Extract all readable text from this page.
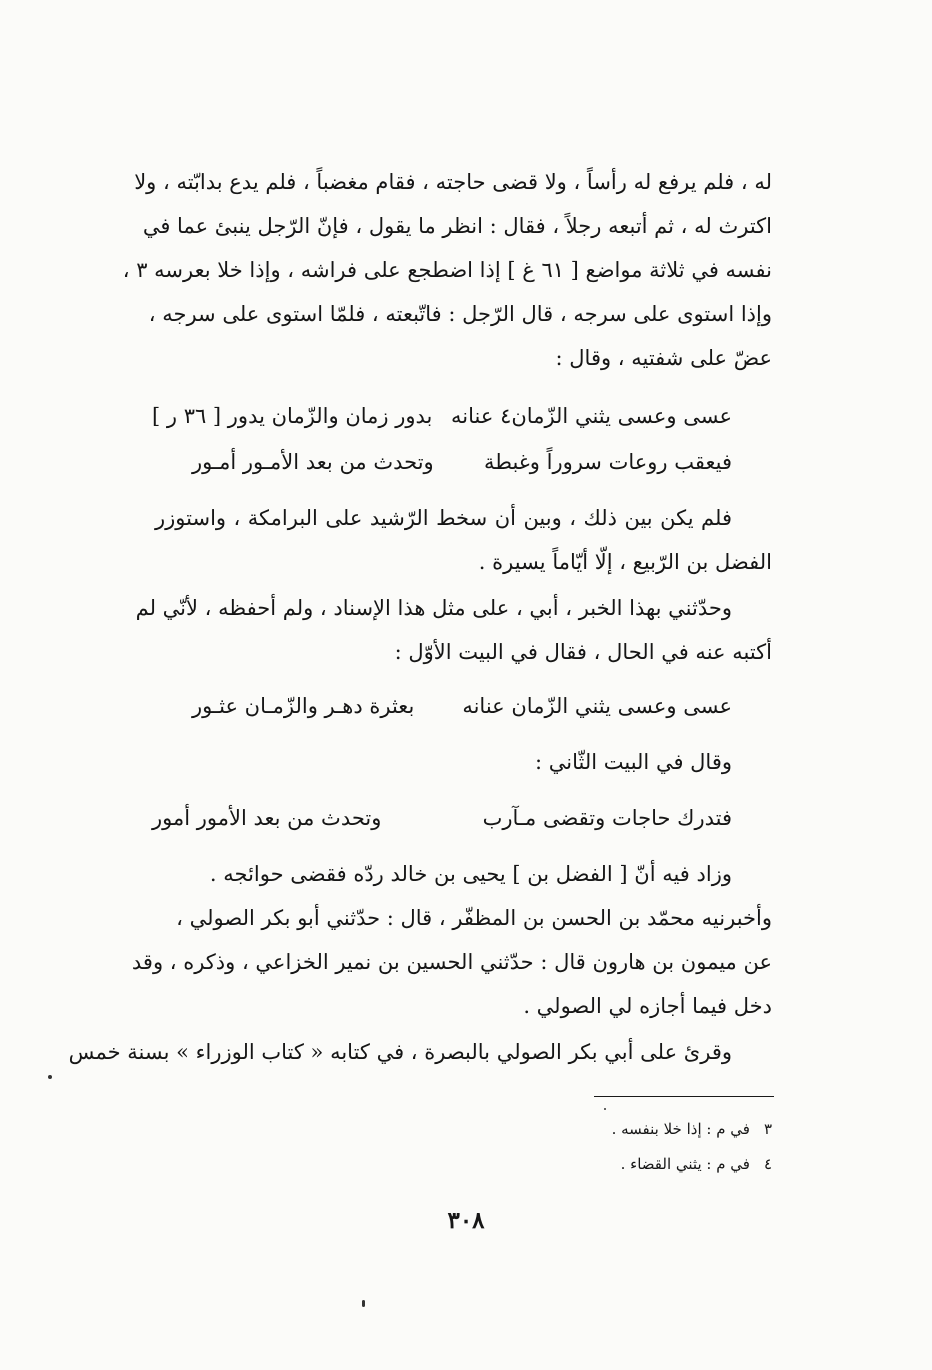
له ، فلم يرفع له رأساً ، ولا قضى حاجته ، فقام مغضباً ، فلم يدع بدابّته ، ولا
اكترث له ، ثم أتبعه رجلاً ، فقال : انظر ما يقول ، فإنّ الرّجل ينبئ عما في
نفسه في ثلاثة مواضع [ ٦١ غ ] إذا اضطجع على فراشه ، وإذا خلا بعرسه ٣ ،
وإذا استوى على سرجه ، قال الرّجل : فاتّبعته ، فلمّا استوى على سرجه ،
عضّ على شفتيه ، وقال :
عسى وعسى يثني الزّمان٤ عنانه
بدور زمان والزّمان يدور [ ٣٦ ر ]
فيعقب روعات سروراً وغبطة
وتحدث من بعد الأمـور أمـور
فلم يكن بين ذلك ، وبين أن سخط الرّشيد على البرامكة ، واستوزر
الفضل بن الرّبيع ، إلّا أيّاماً يسيرة .
وحدّثني بهذا الخبر ، أبي ، على مثل هذا الإسناد ، ولم أحفظه ، لأنّي لم
أكتبه عنه في الحال ، فقال في البيت الأوّل :
عسى وعسى يثني الزّمان عنانه
بعثرة دهـر والزّمـان عثـور
وقال في البيت الثّاني :
فتدرك حاجات وتقضى مـآرب
وتحدث من بعد الأمور أمور
وزاد فيه أنّ [ الفضل بن ] يحيى بن خالد ردّه فقضى حوائجه .
وأخبرنيه محمّد بن الحسن بن المظفّر ، قال : حدّثني أبو بكر الصولي ،
عن ميمون بن هارون قال : حدّثني الحسين بن نمير الخزاعي ، وذكره ، وقد
دخل فيما أجازه لي الصولي .
وقرئ على أبي بكر الصولي بالبصرة ، في كتابه « كتاب الوزراء » بسنة خمس
٣في م : إذا خلا بنفسه .
٤في م : يثني القضاء .
٣٠٨
